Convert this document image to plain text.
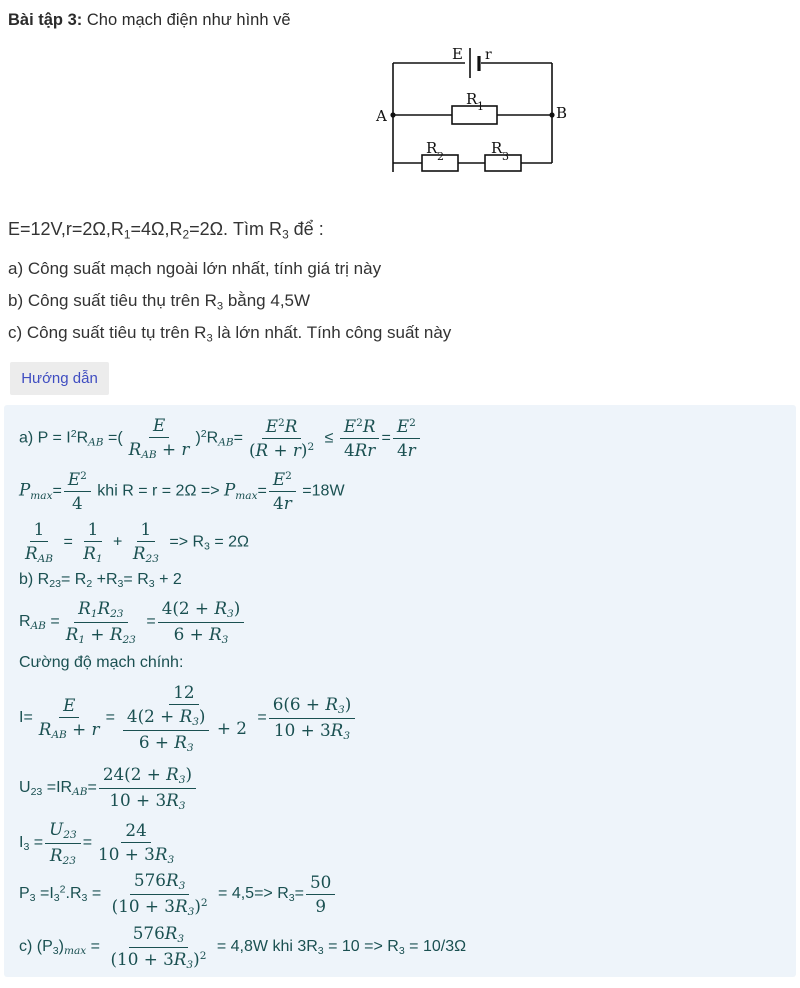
Bài tập 3: Cho mạch điện như hình vẽ
E r
A	B
R 1
R 2	R 3
E=12V,r=2Ω,R1=4Ω,R2=2Ω. Tìm R3 để :
a) Công suất mạch ngoài lớn nhất, tính giá trị này
b) Công suất tiêu thụ trên R3 bằng 4,5W
c) Công suất tiêu tụ trên R3 là lớn nhất. Tính công suất này
Hướng dẫn
a) $P = I^2R_{AB}$ =( $\frac{E}{R_{AB} + r} )^2R_{AB}= \frac{E^2R}{(R + r)^2} \le \frac{E^2R}{4Rr} = \frac{E^2}{4r}$
$P_{max}= \frac{E^2}{4}$ khi $R = r = 2\Omega => P_{max}= \frac{E^2}{4r} =18W$
$\frac{1}{R_{AB}} = \frac{1}{R_1} + \frac{1}{R_{23}} => R3 = 2\Omega$
b) R23= R2 +R3= R3 + 2
$R_{AB} = \frac{R_1R_{23}}{R_1 + R_{23}} = \frac{4(2 + R_3)}{6 + R_3}$
Cường độ mạch chính:
$I= \frac{E}{R_{AB} + r} = \frac{12}{\frac{4(2 + R_3)}{6 + R_3} + 2} = \frac{6(6 + R_3)}{10 + 3R_3}$
$U23 =IR_{AB}= \frac{24(2 + R_3)}{10 + 3R_3}$
$I3 = \frac{U_{23}}{R_{23}} = \frac{24}{10 + 3R_3}$
$P3 =I3^2.R3 = \frac{576R_3}{(10 + 3R_3)^2} = 4,5=> R3= \frac{50}{9}$
c) $(P3)_{max} = \frac{576R_3}{(10 + 3R_3)^2} = 4,8W$ khi 3R3 = 10 => R3 = 10/3Ω
